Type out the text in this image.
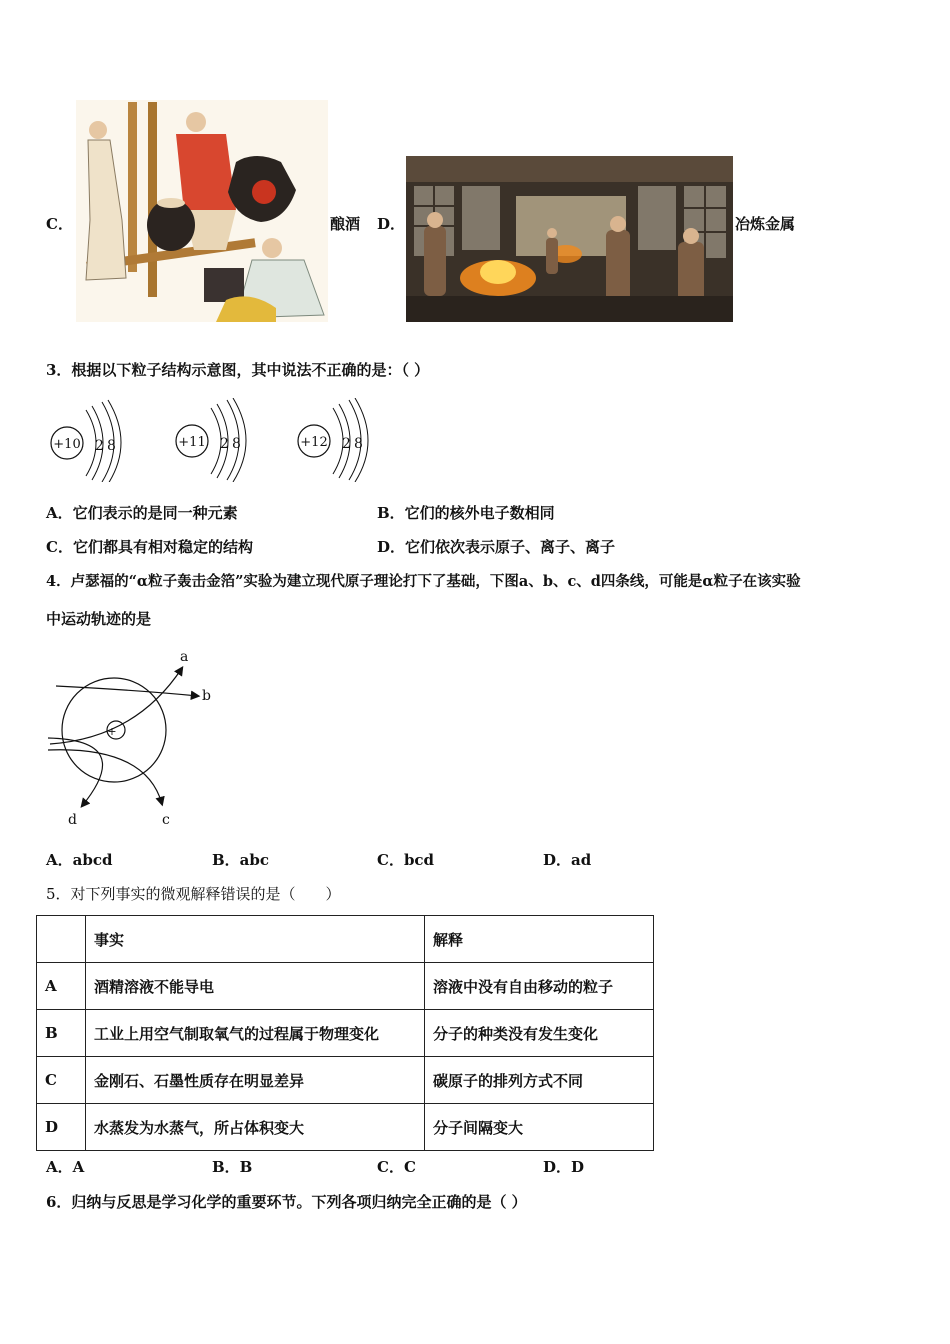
C．	酿酒 D．	冶炼金属
3．根据以下粒子结构示意图，其中说法不正确的是：（ ）
+10 2 8	+11 2 8	+12 2 8
A．它们表示的是同一种元素	B．它们的核外电子数相同
C．它们都具有相对稳定的结构	D．它们依次表示原子、离子、离子
4．卢瑟福的“α粒子轰击金箔”实验为建立现代原子理论打下了基础，下图a、b、c、d四条线，可能是α粒子在该实验
中运动轨迹的是
+
a
b
c
d
A．abcd	B．abc	C．bcd	D．ad
5．对下列事实的微观解释错误的是（　　）
	事实	解释
A	酒精溶液不能导电	溶液中没有自由移动的粒子
B	工业上用空气制取氧气的过程属于物理变化	分子的种类没有发生变化
C	金刚石、石墨性质存在明显差异	碳原子的排列方式不同
D	水蒸发为水蒸气，所占体积变大	分子间隔变大
A．A	B．B	C．C	D．D
6．归纳与反思是学习化学的重要环节。下列各项归纳完全正确的是（ ）
